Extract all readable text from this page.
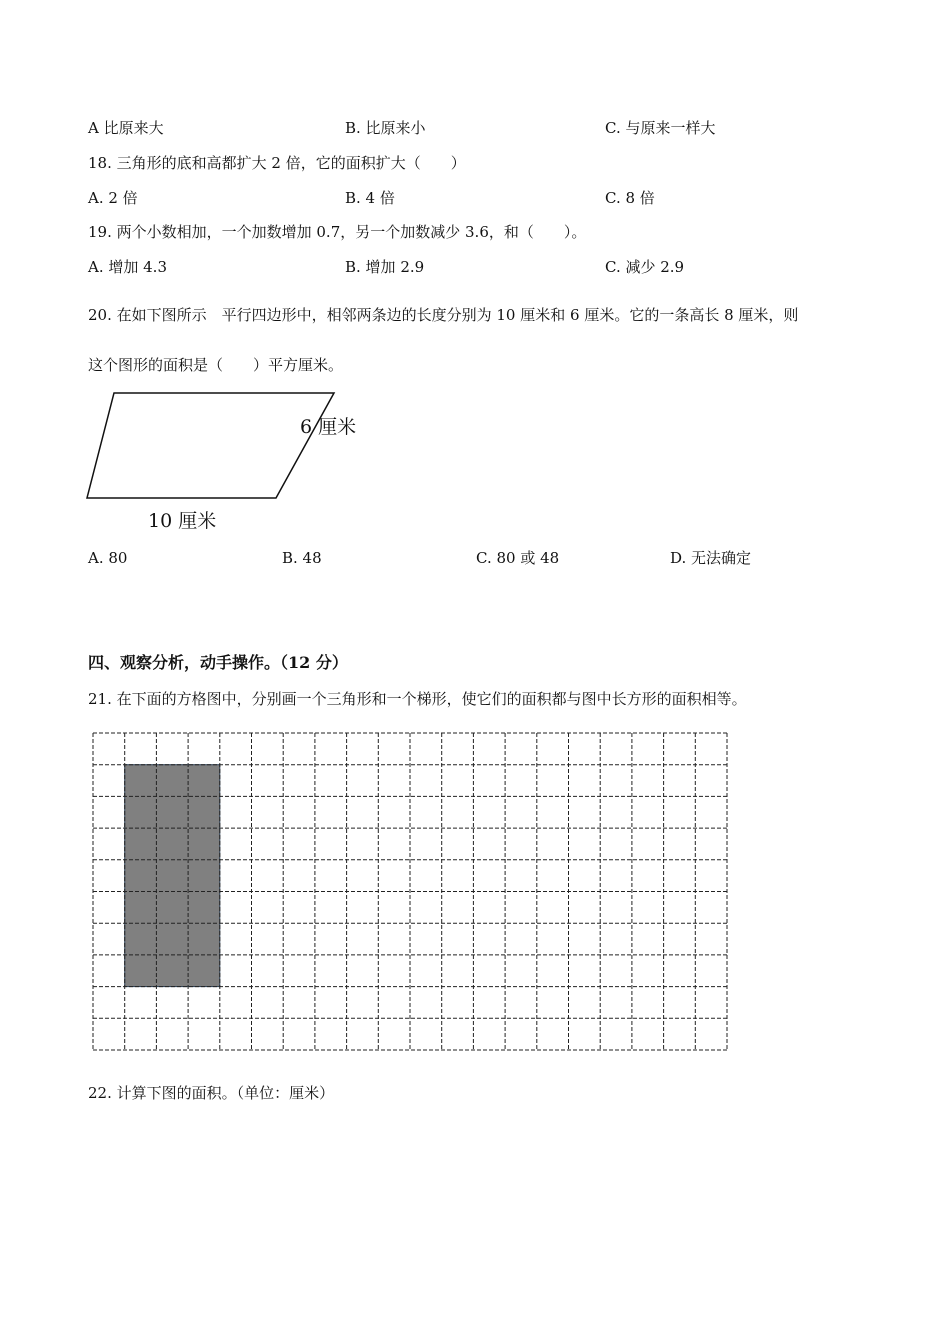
A 比原来大	B. 比原来小	C. 与原来一样大
18. 三角形的底和高都扩大 2 倍，它的面积扩大（　　）
A. 2 倍	B. 4 倍	C. 8 倍
19. 两个小数相加，一个加数增加 0.7，另一个加数减少 3.6，和（　　）。
A. 增加 4.3	B. 增加 2.9	C. 减少 2.9
20. 在如下图所示　平行四边形中，相邻两条边的长度分别为 10 厘米和 6 厘米。它的一条高长 8 厘米，则
这个图形的面积是（　　）平方厘米。
6 厘米
10 厘米
A. 80	B. 48	C. 80 或 48	D. 无法确定
四、观察分析，动手操作。（12 分）
21. 在下面的方格图中，分别画一个三角形和一个梯形，使它们的面积都与图中长方形的面积相等。
22. 计算下图的面积。（单位：厘米）
